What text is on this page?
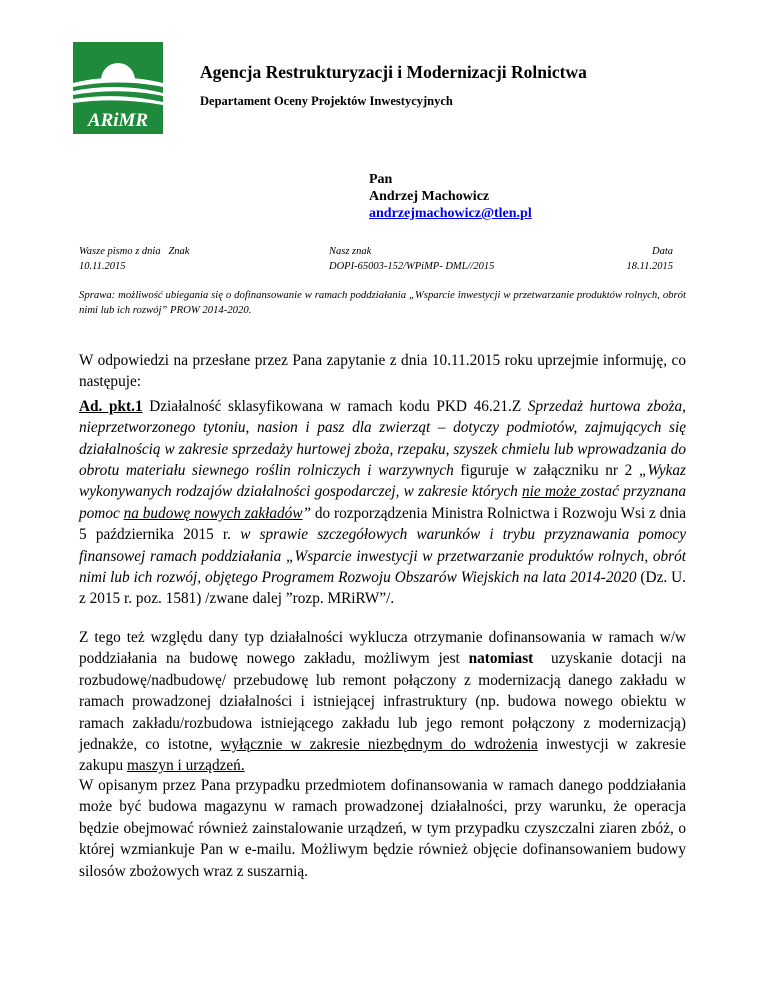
ARiMR
Agencja Restrukturyzacji i Modernizacji Rolnictwa
Departament Oceny Projektów Inwestycyjnych
Pan
Andrzej Machowicz
andrzejmachowicz@tlen.pl
Wasze pismo z dnia   Znak
10.11.2015
Nasz znak
DOPI-65003-152/WPiMP- DML//2015
Data
18.11.2015
Sprawa: możliwość ubiegania się o dofinansowanie w ramach poddziałania „Wsparcie inwestycji w przetwarzanie produktów rolnych, obrót nimi lub ich rozwój” PROW 2014-2020.

W odpowiedzi na przesłane przez Pana zapytanie z dnia 10.11.2015 roku uprzejmie informuję, co następuje:

Ad. pkt.1 Działalność sklasyfikowana w ramach kodu PKD 46.21.Z Sprzedaż hurtowa zboża, nieprzetworzonego tytoniu, nasion i pasz dla zwierząt – dotyczy podmiotów, zajmujących się działalnością w zakresie sprzedaży hurtowej zboża, rzepaku, szyszek chmielu lub wprowadzania do obrotu materiału siewnego roślin rolniczych i warzywnych figuruje w załączniku nr 2 „Wykaz wykonywanych rodzajów działalności gospodarczej, w zakresie których nie może zostać przyznana pomoc na budowę nowych zakładów” do rozporządzenia Ministra Rolnictwa i Rozwoju Wsi z dnia 5 października 2015 r. w sprawie szczegółowych warunków i trybu przyznawania pomocy finansowej ramach poddziałania „Wsparcie inwestycji w przetwarzanie produktów rolnych, obrót nimi lub ich rozwój, objętego Programem Rozwoju Obszarów Wiejskich na lata 2014-2020 (Dz. U. z 2015 r. poz. 1581) /zwane dalej ”rozp. MRiRW”/.

Z tego też względu dany typ działalności wyklucza otrzymanie dofinansowania w ramach w/w poddziałania na budowę nowego zakładu, możliwym jest natomiast  uzyskanie dotacji na rozbudowę/nadbudowę/ przebudowę lub remont połączony z modernizacją danego zakładu w ramach prowadzonej działalności i istniejącej infrastruktury (np. budowa nowego obiektu w ramach zakładu/rozbudowa istniejącego zakładu lub jego remont połączony z modernizacją) jednakże, co istotne, wyłącznie w zakresie niezbędnym do wdrożenia inwestycji w zakresie zakupu maszyn i urządzeń.

W opisanym przez Pana przypadku przedmiotem dofinansowania w ramach danego poddziałania może być budowa magazynu w ramach prowadzonej działalności, przy warunku, że operacja będzie obejmować również zainstalowanie urządzeń, w tym przypadku czyszczalni ziaren zbóż, o której wzmiankuje Pan w e-mailu. Możliwym będzie również objęcie dofinansowaniem budowy silosów zbożowych wraz z suszarnią.
